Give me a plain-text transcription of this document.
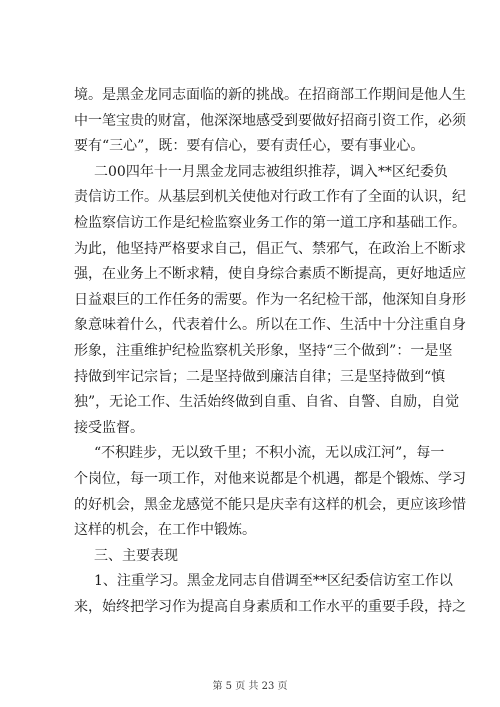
境。是黑金龙同志面临的新的挑战。在招商部工作期间是他人生
中一笔宝贵的财富，他深深地感受到要做好招商引资工作，必须
要有“三心”，既：要有信心，要有责任心，要有事业心。
二00四年十一月黑金龙同志被组织推荐，调入**区纪委负
责信访工作。从基层到机关使他对行政工作有了全面的认识，纪
检监察信访工作是纪检监察业务工作的第一道工序和基础工作。
为此，他坚持严格要求自己，倡正气、禁邪气，在政治上不断求
强，在业务上不断求精，使自身综合素质不断提高，更好地适应
日益艰巨的工作任务的需要。作为一名纪检干部，他深知自身形
象意味着什么，代表着什么。所以在工作、生活中十分注重自身
形象，注重维护纪检监察机关形象，坚持“三个做到”：一是坚
持做到牢记宗旨；二是坚持做到廉洁自律；三是坚持做到“慎
独”，无论工作、生活始终做到自重、自省、自警、自励，自觉
接受监督。
“不积跬步，无以致千里；不积小流，无以成江河”，每一
个岗位，每一项工作，对他来说都是个机遇，都是个锻炼、学习
的好机会，黑金龙感觉不能只是庆幸有这样的机会，更应该珍惜
这样的机会，在工作中锻炼。
三、主要表现
1、注重学习。黑金龙同志自借调至**区纪委信访室工作以
来，始终把学习作为提高自身素质和工作水平的重要手段，持之
第 5 页 共 23 页
